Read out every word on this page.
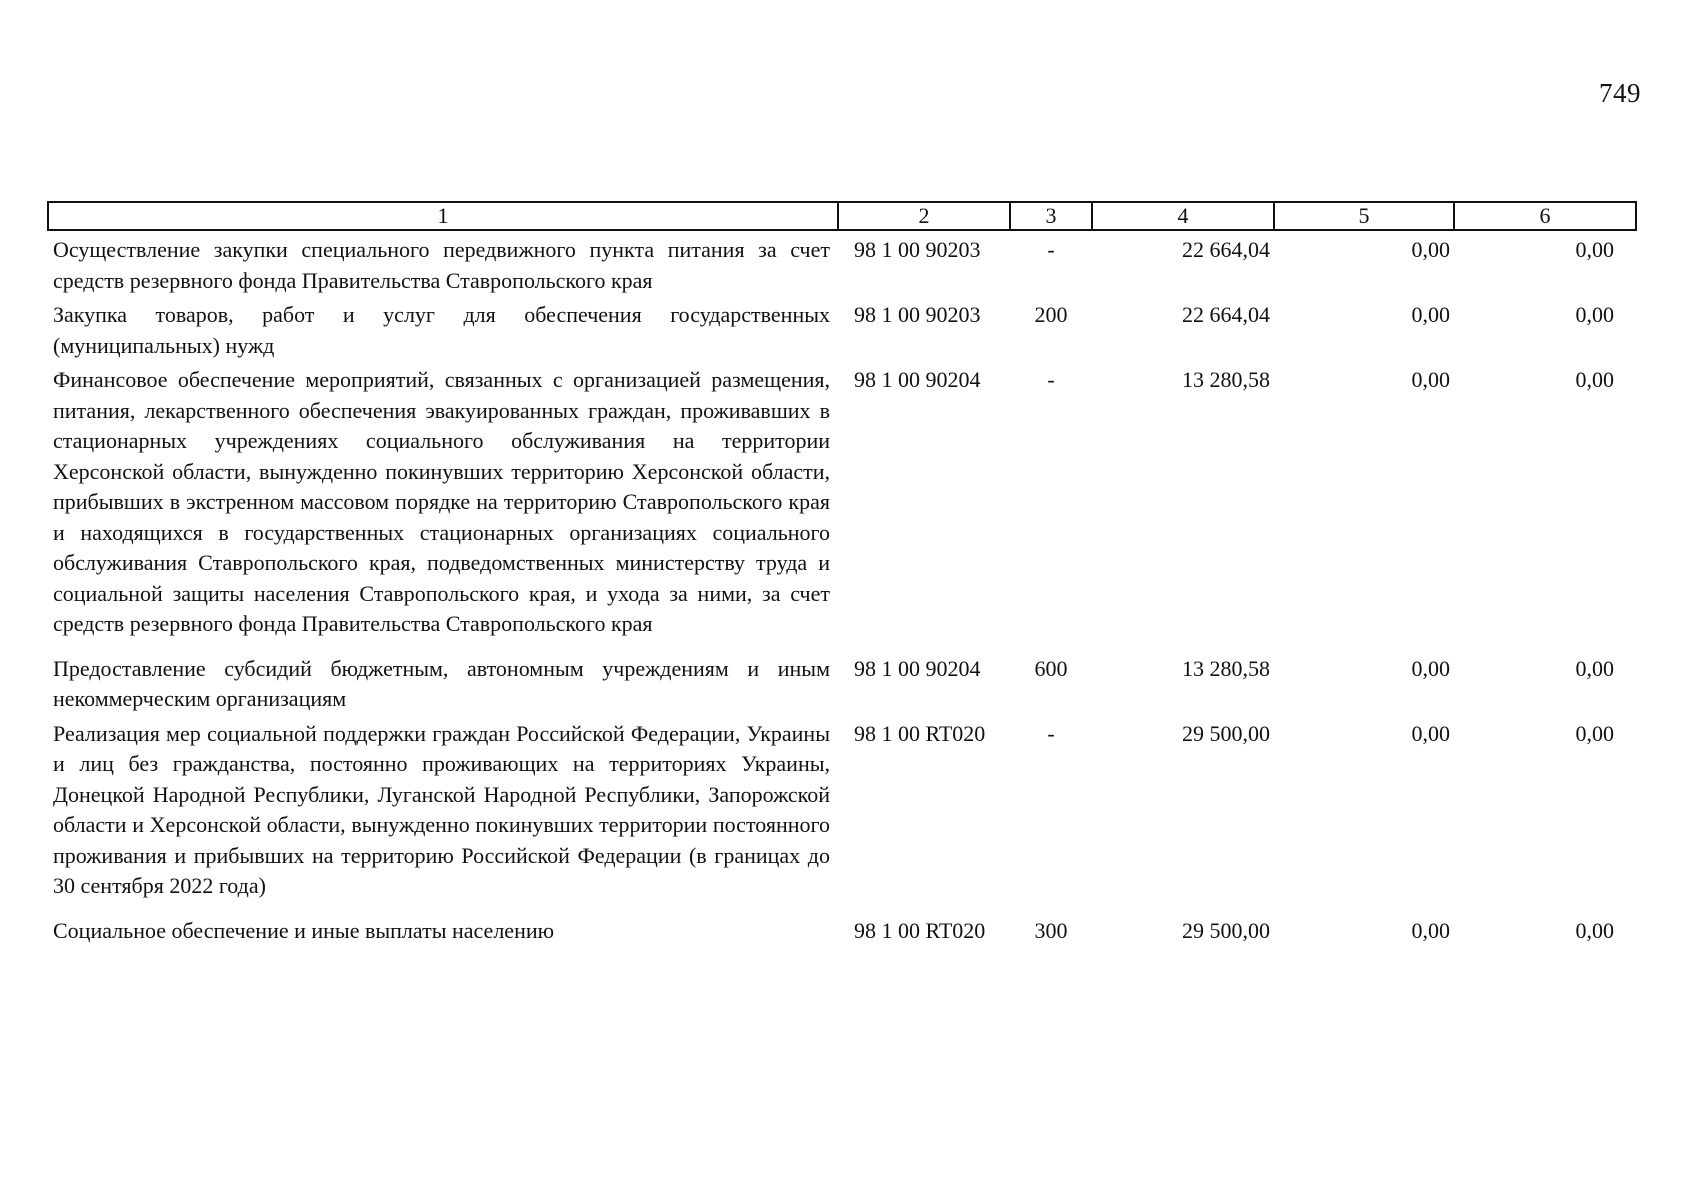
749
1	2	3	4	5	6
Осуществление закупки специального передвижного пункта питания за счет средств резервного фонда Правительства Ставропольского края	98 1 00 90203	-	22 664,04	0,00	0,00
Закупка товаров, работ и услуг для обеспечения государственных (муниципальных) нужд	98 1 00 90203	200	22 664,04	0,00	0,00
Финансовое обеспечение мероприятий, связанных с организацией размещения, питания, лекарственного обеспечения эвакуированных граждан, проживавших в стационарных учреждениях социального обслуживания на территории Херсонской области, вынужденно покинувших территорию Херсонской области, прибывших в экстренном массовом порядке на территорию Ставропольского края и находящихся в государственных стационарных организациях социального обслуживания Ставропольского края, подведомственных министерству труда и социальной защиты населения Ставропольского края, и ухода за ними, за счет средств резервного фонда Правительства Ставропольского края	98 1 00 90204	-	13 280,58	0,00	0,00
Предоставление субсидий бюджетным, автономным учреждениям и иным некоммерческим организациям	98 1 00 90204	600	13 280,58	0,00	0,00
Реализация мер социальной поддержки граждан Российской Федерации, Украины и лиц без гражданства, постоянно проживающих на территориях Украины, Донецкой Народной Республики, Луганской Народной Республики, Запорожской области и Херсонской области, вынужденно покинувших территории постоянного проживания и прибывших на территорию Российской Федерации (в границах до 30 сентября 2022 года)	98 1 00 RT020	-	29 500,00	0,00	0,00
Социальное обеспечение и иные выплаты населению	98 1 00 RT020	300	29 500,00	0,00	0,00
